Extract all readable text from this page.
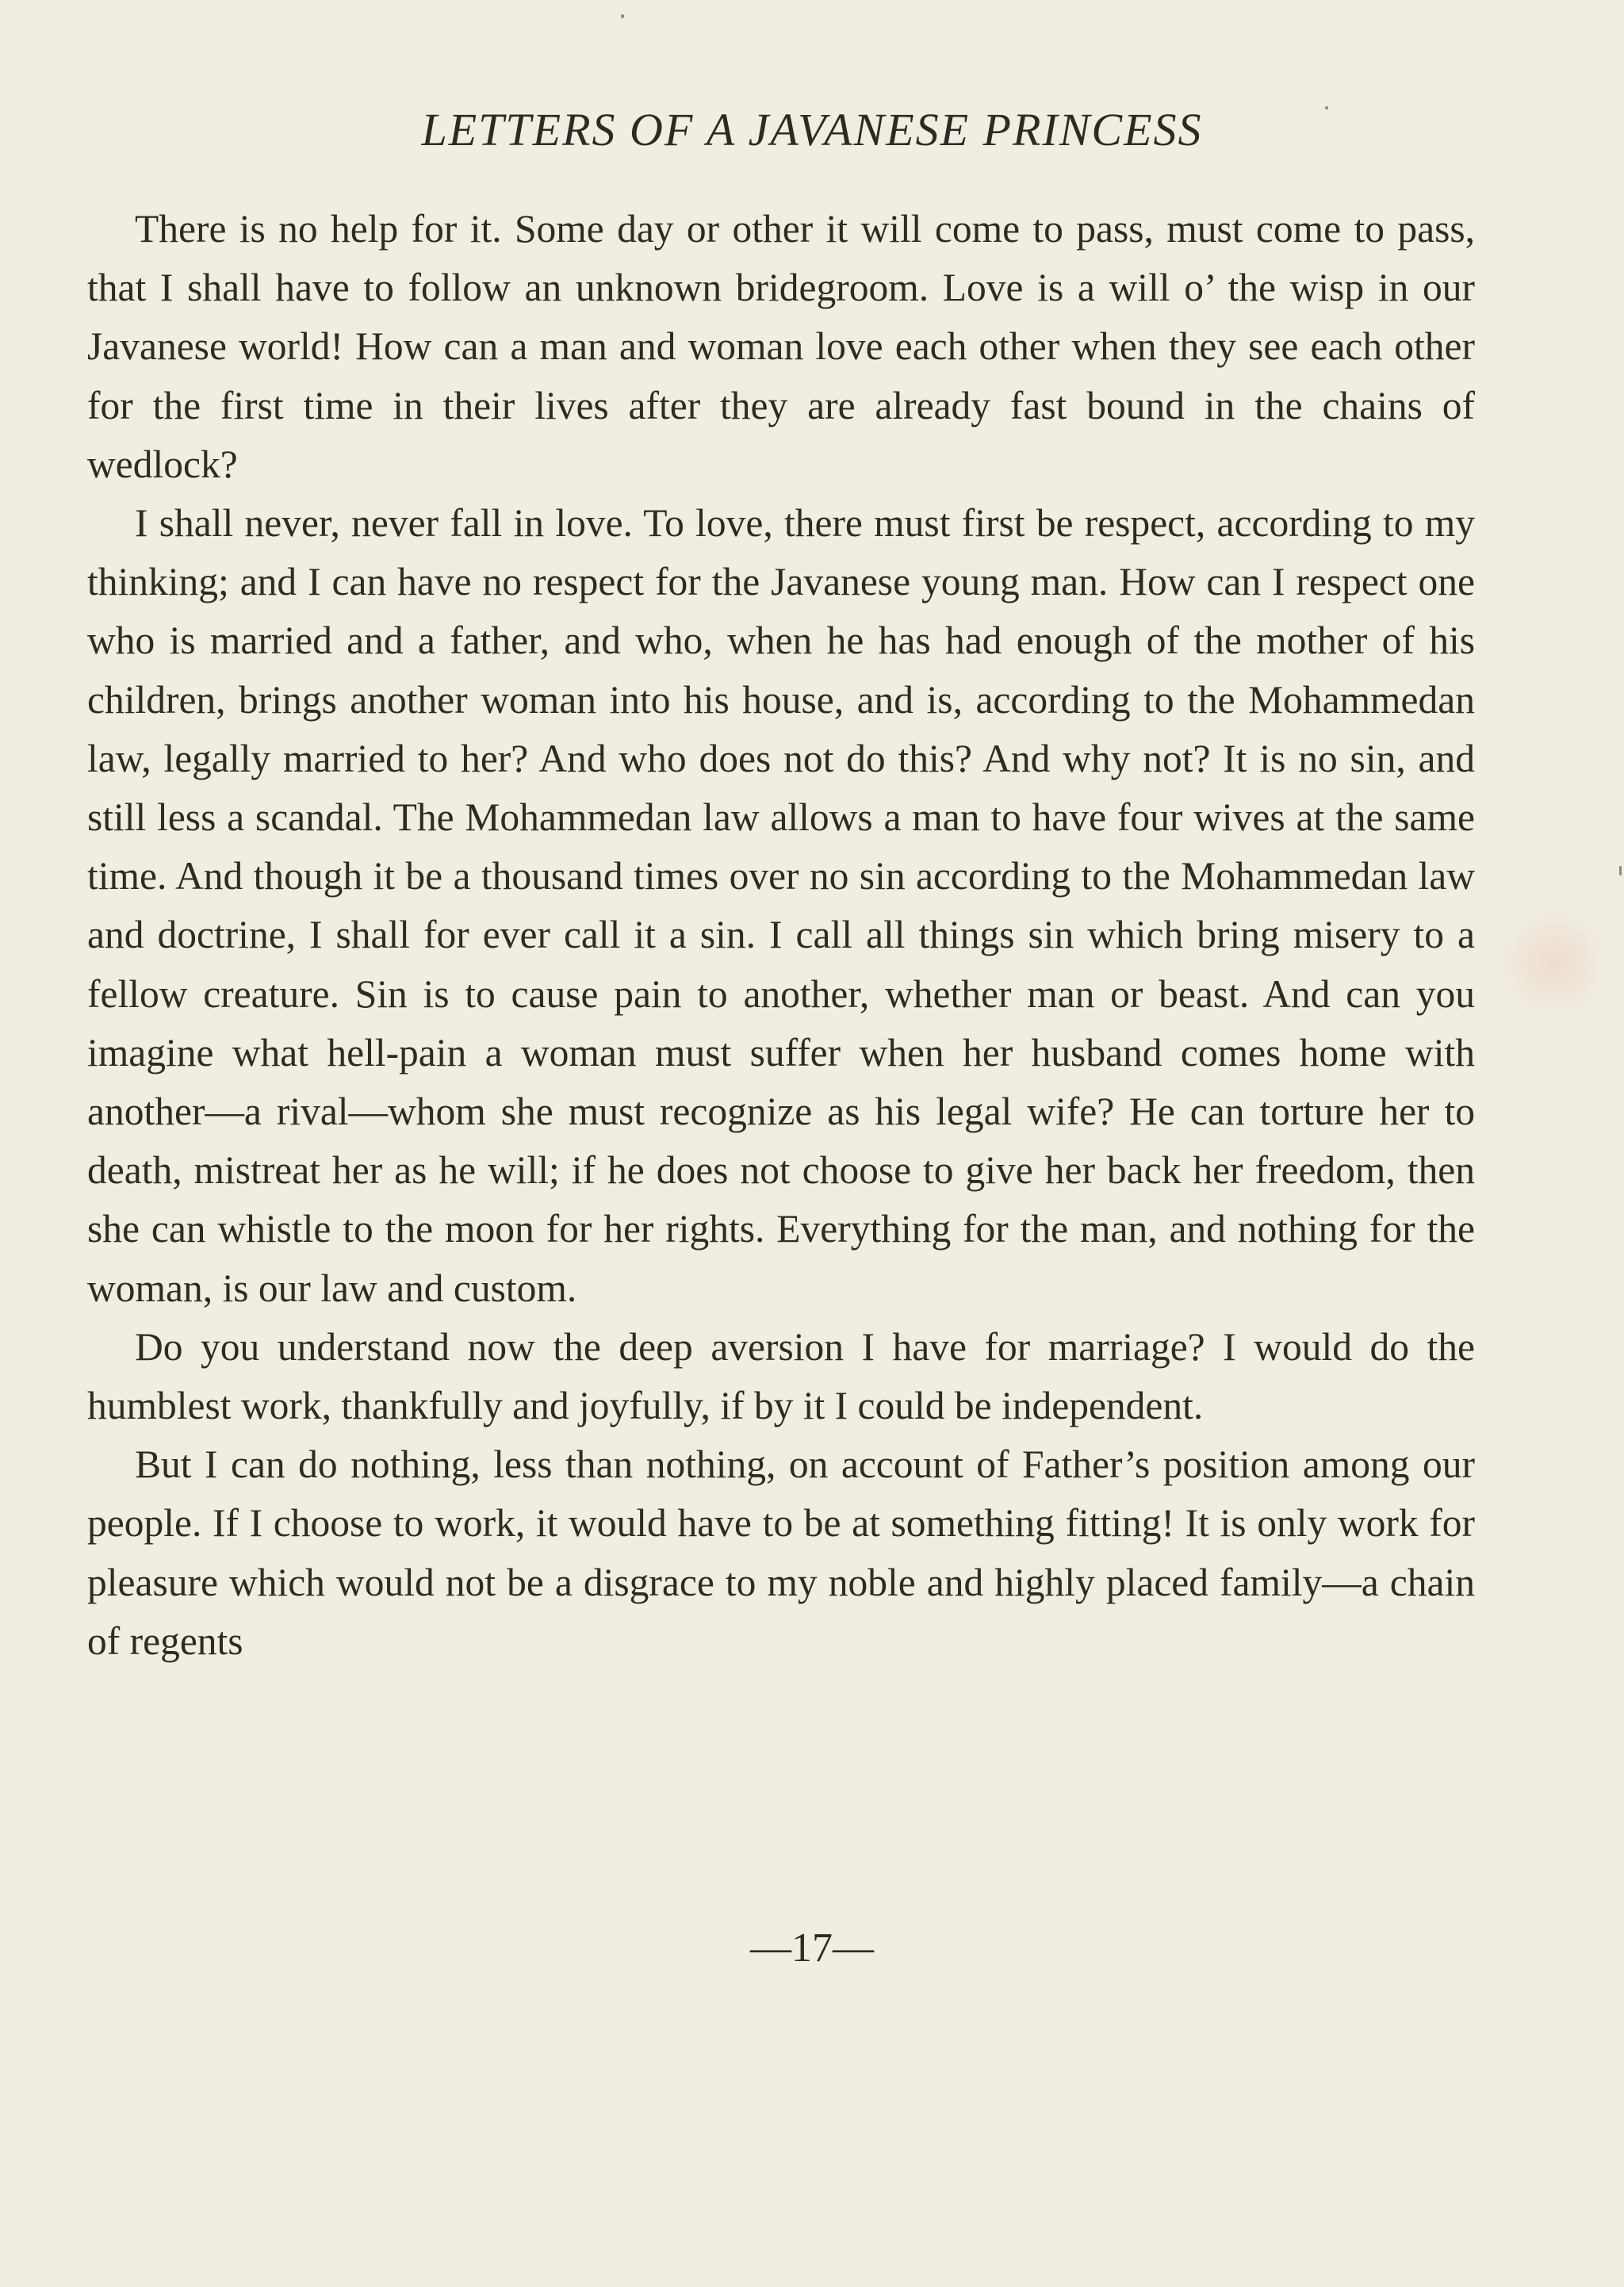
LETTERS OF A JAVANESE PRINCESS

There is no help for it. Some day or other it will come to pass, must come to pass, that I shall have to follow an unknown bridegroom. Love is a will o’ the wisp in our Javanese world! How can a man and woman love each other when they see each other for the first time in their lives after they are already fast bound in the chains of wedlock?

I shall never, never fall in love. To love, there must first be respect, according to my thinking; and I can have no respect for the Javanese young man. How can I respect one who is married and a father, and who, when he has had enough of the mother of his children, brings another woman into his house, and is, according to the Mohammedan law, legally married to her? And who does not do this? And why not? It is no sin, and still less a scandal. The Mohammedan law allows a man to have four wives at the same time. And though it be a thousand times over no sin according to the Mohammedan law and doctrine, I shall for ever call it a sin. I call all things sin which bring misery to a fellow creature. Sin is to cause pain to another, whether man or beast. And can you imagine what hell-pain a woman must suffer when her husband comes home with another—a rival—whom she must recognize as his legal wife? He can torture her to death, mistreat her as he will; if he does not choose to give her back her freedom, then she can whistle to the moon for her rights. Everything for the man, and nothing for the woman, is our law and custom.

Do you understand now the deep aversion I have for marriage? I would do the humblest work, thankfully and joyfully, if by it I could be independent.

But I can do nothing, less than nothing, on account of Father’s position among our people. If I choose to work, it would have to be at something fitting! It is only work for pleasure which would not be a disgrace to my noble and highly placed family—a chain of regents

—17—
